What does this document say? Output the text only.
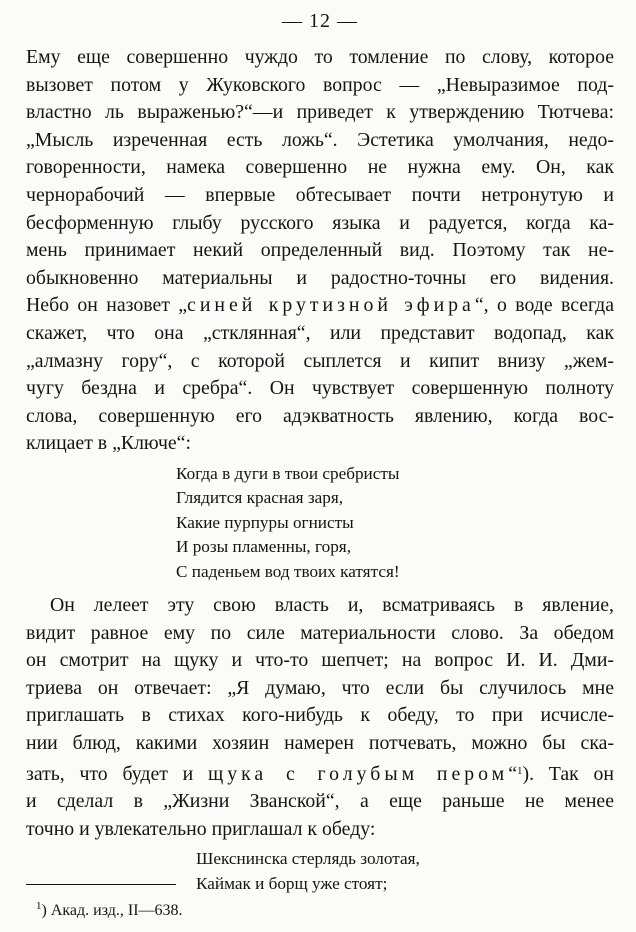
— 12 —

Ему еще совершенно чуждо то томление по слову, которое
вызовет потом у Жуковского вопрос — „Невыразимое под-
властно ль выраженью?“—и приведет к утверждению Тютчева:
„Мысль изреченная есть ложь“. Эстетика умолчания, недо-
говоренности, намека совершенно не нужна ему. Он, как
чернорабочий — впервые обтесывает почти нетронутую и
бесформенную глыбу русского языка и радуется, когда ка-
мень принимает некий определенный вид. Поэтому так не-
обыкновенно материальны и радостно-точны его видения.
Небо он назовет „синей крутизной эфира“, о воде всегда
скажет, что она „стклянная“, или представит водопад, как
„алмазну гору“, с которой сыплется и кипит внизу „жем-
чугу бездна и сребра“. Он чувствует совершенную полноту
слова, совершенную его адэкватность явлению, когда вос-
клицает в „Ключе“:

Когда в дуги в твои сребристы
Глядится красная заря,
Какие пурпуры огнисты
И розы пламенны, горя,
С паденьем вод твоих катятся!

Он лелеет эту свою власть и, всматриваясь в явление,
видит равное ему по силе материальности слово. За обедом
он смотрит на щуку и что-то шепчет; на вопрос И. И. Дми-
триева он отвечает: „Я думаю, что если бы случилось мне
приглашать в стихах кого-нибудь к обеду, то при исчисле-
нии блюд, какими хозяин намерен потчевать, можно бы ска-
зать, что будет и щука с голубым пером“$^1$). Так он
и сделал в „Жизни Званской“, а еще раньше не менее
точно и увлекательно приглашал к обеду:

Шекснинска стерлядь золотая,
Каймак и борщ уже стоят;
$^1$) Акад. изд., II—638.
